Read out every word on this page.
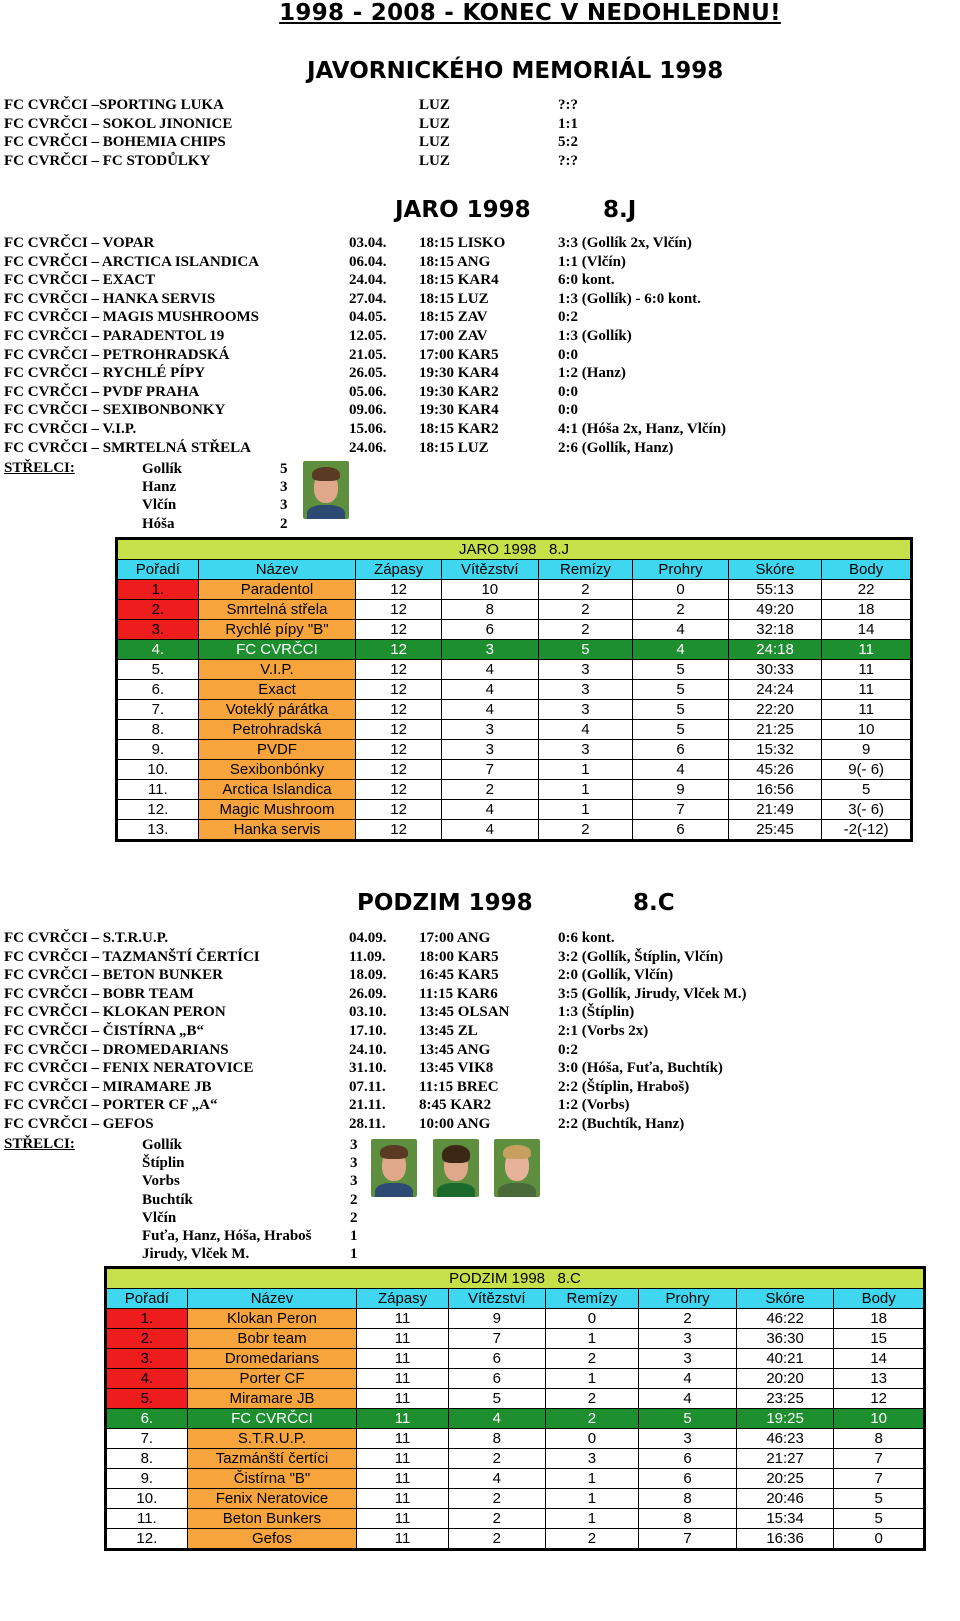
1998 - 2008 - KONEC V NEDOHLEDNU!
JAVORNICKÉHO MEMORIÁL 1998
FC CVRČCI –SPORTING LUKA	LUZ	?:?
FC CVRČCI – SOKOL JINONICE	LUZ	1:1
FC CVRČCI – BOHEMIA CHIPS	LUZ	5:2
FC CVRČCI – FC STODŮLKY	LUZ	?:?
JARO 1998	8.J
FC CVRČCI – VOPAR	03.04. 18:15 LISKO	3:3 (Gollík 2x, Vlčín)
FC CVRČCI – ARCTICA ISLANDICA	06.04. 18:15 ANG	1:1 (Vlčín)
FC CVRČCI – EXACT	24.04. 18:15 KAR4	6:0 kont.
FC CVRČCI – HANKA SERVIS	27.04. 18:15 LUZ	1:3 (Gollík) - 6:0 kont.
FC CVRČCI – MAGIS MUSHROOMS	04.05. 18:15 ZAV	0:2
FC CVRČCI – PARADENTOL 19	12.05. 17:00 ZAV	1:3 (Gollík)
FC CVRČCI – PETROHRADSKÁ	21.05. 17:00 KAR5	0:0
FC CVRČCI – RYCHLÉ PÍPY	26.05. 19:30 KAR4	1:2 (Hanz)
FC CVRČCI – PVDF PRAHA	05.06. 19:30 KAR2	0:0
FC CVRČCI – SEXIBONBONKY	09.06. 19:30 KAR4	0:0
FC CVRČCI – V.I.P.	15.06. 18:15 KAR2	4:1 (Hóša 2x, Hanz, Vlčín)
FC CVRČCI – SMRTELNÁ STŘELA	24.06. 18:15 LUZ	2:6 (Gollík, Hanz)
STŘELCI:	Gollík	5
Hanz	3
Vlčín	3
Hóša	2
JARO 1998   8.J							
Pořadí	Název	Zápasy	Vítězství	Remízy	Prohry	Skóre	Body
1.	Paradentol	12	10	2	0	55:13	22
2.	Smrtelná střela	12	8	2	2	49:20	18
3.	Rychlé pípy "B"	12	6	2	4	32:18	14
4.	FC CVRČCI	12	3	5	4	24:18	11
5.	V.I.P.	12	4	3	5	30:33	11
6.	Exact	12	4	3	5	24:24	11
7.	Voteklý párátka	12	4	3	5	22:20	11
8.	Petrohradská	12	3	4	5	21:25	10
9.	PVDF	12	3	3	6	15:32	9
10.	Sexibonbónky	12	7	1	4	45:26	9(- 6)
11.	Arctica Islandica	12	2	1	9	16:56	5
12.	Magic Mushroom	12	4	1	7	21:49	3(- 6)
13.	Hanka servis	12	4	2	6	25:45	-2(-12)
PODZIM 1998	8.C
FC CVRČCI – S.T.R.U.P.	04.09. 17:00 ANG	0:6 kont.
FC CVRČCI – TAZMANŠTÍ ČERTÍCI	11.09. 18:00 KAR5	3:2 (Gollík, Štíplin, Vlčín)
FC CVRČCI – BETON BUNKER	18.09. 16:45 KAR5	2:0 (Gollík, Vlčín)
FC CVRČCI – BOBR TEAM	26.09. 11:15 KAR6	3:5 (Gollík, Jirudy, Vlček M.)
FC CVRČCI – KLOKAN PERON	03.10. 13:45 OLSAN	1:3 (Štíplin)
FC CVRČCI – ČISTÍRNA „B“	17.10. 13:45 ZL	2:1 (Vorbs 2x)
FC CVRČCI – DROMEDARIANS	24.10. 13:45 ANG	0:2
FC CVRČCI – FENIX NERATOVICE	31.10. 13:45 VIK8	3:0 (Hóša, Fuťa, Buchtík)
FC CVRČCI – MIRAMARE JB	07.11. 11:15 BREC	2:2 (Štíplin, Hraboš)
FC CVRČCI – PORTER CF „A“	21.11. 8:45 KAR2	1:2 (Vorbs)
FC CVRČCI – GEFOS	28.11. 10:00 ANG	2:2 (Buchtík, Hanz)
STŘELCI:	Gollík	3
Štíplin	3
Vorbs	3
Buchtík	2
Vlčín	2
Fuťa, Hanz, Hóša, Hraboš	1
Jirudy, Vlček M.	1
PODZIM 1998   8.C							
Pořadí	Název	Zápasy	Vítězství	Remízy	Prohry	Skóre	Body
1.	Klokan Peron	11	9	0	2	46:22	18
2.	Bobr team	11	7	1	3	36:30	15
3.	Dromedarians	11	6	2	3	40:21	14
4.	Porter CF	11	6	1	4	20:20	13
5.	Miramare JB	11	5	2	4	23:25	12
6.	FC CVRČCI	11	4	2	5	19:25	10
7.	S.T.R.U.P.	11	8	0	3	46:23	8
8.	Tazmánští čertíci	11	2	3	6	21:27	7
9.	Čistírna "B"	11	4	1	6	20:25	7
10.	Fenix Neratovice	11	2	1	8	20:46	5
11.	Beton Bunkers	11	2	1	8	15:34	5
12.	Gefos	11	2	2	7	16:36	0
